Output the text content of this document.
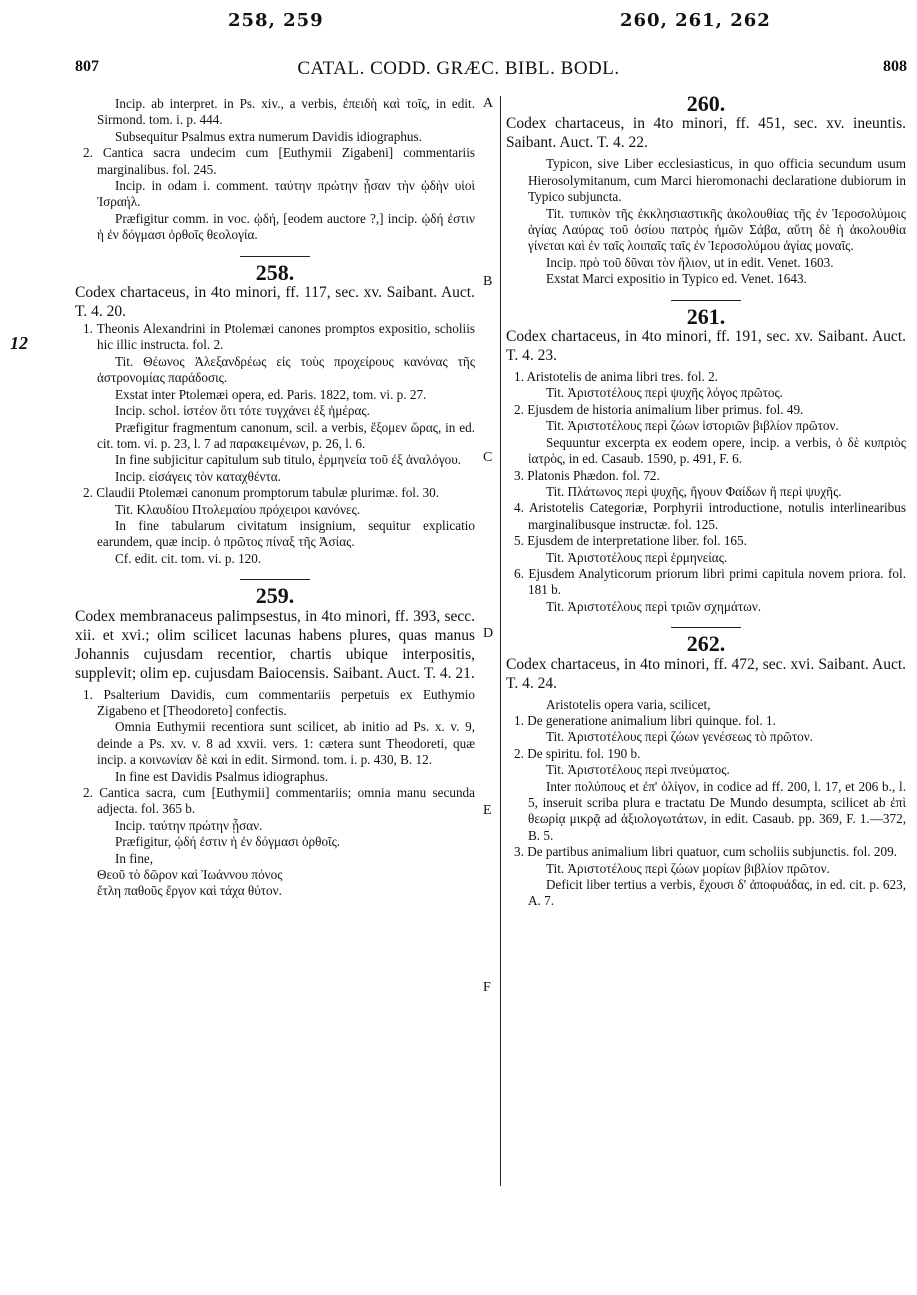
258, 259	260, 261, 262
12
807	CATAL. CODD. GRÆC. BIBL. BODL.	808
A
B
C
D
E
F

Incip. ab interpret. in Ps. xiv., a verbis, ἐπειδὴ καὶ τοῖς, in edit. Sirmond. tom. i. p. 444.

Subsequitur Psalmus extra numerum Davidis idiographus.

2. Cantica sacra undecim cum [Euthymii Zigabeni] commentariis marginalibus. fol. 245.

Incip. in odam i. comment. ταύτην πρώτην ᾖσαν τὴν ᾠδὴν υἱοὶ Ἰσραήλ.

Præfigitur comm. in voc. ᾠδή, [eodem auctore ?,] incip. ᾠδή ἐστιν ἡ ἐν δόγμασι ὀρθοῖς θεολογία.

258.

Codex chartaceus, in 4to minori, ff. 117, sec. xv. Saibant. Auct. T. 4. 20.

1. Theonis Alexandrini in Ptolemæi canones promptos expositio, scholiis hic illic instructa. fol. 2.

Tit. Θέωνος Ἀλεξανδρέως εἰς τοὺς προχείρους κανόνας τῆς ἀστρονομίας παράδοσις.

Exstat inter Ptolemæi opera, ed. Paris. 1822, tom. vi. p. 27.

Incip. schol. ἰστέον ὅτι τότε τυγχάνει ἐξ ἡμέρας.

Præfigitur fragmentum canonum, scil. a verbis, ἕξομεν ὥρας, in ed. cit. tom. vi. p. 23, l. 7 ad παρακειμένων, p. 26, l. 6.

In fine subjicitur capitulum sub titulo, ἑρμηνεία τοῦ ἐξ ἀναλόγου.

Incip. εἰσάγεις τὸν καταχθέντα.

2. Claudii Ptolemæi canonum promptorum tabulæ plurimæ. fol. 30.

Tit. Κλαυδίου Πτολεμαίου πρόχειροι κανόνες.

In fine tabularum civitatum insignium, sequitur explicatio earundem, quæ incip. ὁ πρῶτος πίναξ τῆς Ἀσίας.

Cf. edit. cit. tom. vi. p. 120.

259.

Codex membranaceus palimpsestus, in 4to minori, ff. 393, secc. xii. et xvi.; olim scilicet lacunas habens plures, quas manus Johannis cujusdam recentior, chartis ubique interpositis, supplevit; olim ep. cujusdam Baiocensis. Saibant. Auct. T. 4. 21.

1. Psalterium Davidis, cum commentariis perpetuis ex Euthymio Zigabeno et [Theodoreto] confectis.

Omnia Euthymii recentiora sunt scilicet, ab initio ad Ps. x. v. 9, deinde a Ps. xv. v. 8 ad xxvii. vers. 1: cætera sunt Theodoreti, quæ incip. a κοινωνίαν δὲ καὶ in edit. Sirmond. tom. i. p. 430, B. 12.

In fine est Davidis Psalmus idiographus.

2. Cantica sacra, cum [Euthymii] commentariis; omnia manu secunda adjecta. fol. 365 b.

Incip. ταύτην πρώτην ᾖσαν.

Præfigitur, ᾠδή ἐστιν ἡ ἐν δόγμασι ὀρθοῖς.

In fine,

Θεοῦ τὸ δῶρον καὶ Ἰωάννου πόνος

ἔτλη παθοῦς ἔργον καὶ τάχα θύτον.

260.

Codex chartaceus, in 4to minori, ff. 451, sec. xv. ineuntis. Saibant. Auct. T. 4. 22.

Typicon, sive Liber ecclesiasticus, in quo officia secundum usum Hierosolymitanum, cum Marci hieromonachi declaratione dubiorum in Typico subjuncta.

Tit. τυπικὸν τῆς ἐκκλησιαστικῆς ἀκολουθίας τῆς ἐν Ἱεροσολύμοις ἁγίας Λαύρας τοῦ ὁσίου πατρὸς ἡμῶν Σάβα, αὕτη δὲ ἡ ἀκολουθία γίνεται καὶ ἐν ταῖς λοιπαῖς ταῖς ἐν Ἱεροσολύμου ἁγίας μοναῖς.

Incip. πρὸ τοῦ δῦναι τὸν ἥλιον, ut in edit. Venet. 1603.

Exstat Marci expositio in Typico ed. Venet. 1643.

261.

Codex chartaceus, in 4to minori, ff. 191, sec. xv. Saibant. Auct. T. 4. 23.

1. Aristotelis de anima libri tres. fol. 2.

Tit. Ἀριστοτέλους περὶ ψυχῆς λόγος πρῶτος.

2. Ejusdem de historia animalium liber primus. fol. 49.

Tit. Ἀριστοτέλους περὶ ζώων ἱστοριῶν βιβλίον πρῶτον.

Sequuntur excerpta ex eodem opere, incip. a verbis, ὁ δὲ κυπριὸς ἰατρὸς, in ed. Casaub. 1590, p. 491, F. 6.

3. Platonis Phædon. fol. 72.

Tit. Πλάτωνος περὶ ψυχῆς, ἤγουν Φαίδων ἢ περὶ ψυχῆς.

4. Aristotelis Categoriæ, Porphyrii introductione, notulis interlinearibus marginalibusque instructæ. fol. 125.

5. Ejusdem de interpretatione liber. fol. 165.

Tit. Ἀριστοτέλους περὶ ἑρμηνείας.

6. Ejusdem Analyticorum priorum libri primi capitula novem priora. fol. 181 b.

Tit. Ἀριστοτέλους περὶ τριῶν σχημάτων.

262.

Codex chartaceus, in 4to minori, ff. 472, sec. xvi. Saibant. Auct. T. 4. 24.

Aristotelis opera varia, scilicet,

1. De generatione animalium libri quinque. fol. 1.

Tit. Ἀριστοτέλους περὶ ζώων γενέσεως τὸ πρῶτον.

2. De spiritu. fol. 190 b.

Tit. Ἀριστοτέλους περὶ πνεύματος.

Inter πολύπους et ἐπ' ὀλίγον, in codice ad ff. 200, l. 17, et 206 b., l. 5, inseruit scriba plura e tractatu De Mundo desumpta, scilicet ab ἐπὶ θεωρίᾳ μικρᾷ ad ἀξιολογωτάτων, in edit. Casaub. pp. 369, F. 1.—372, B. 5.

3. De partibus animalium libri quatuor, cum scholiis subjunctis. fol. 209.

Tit. Ἀριστοτέλους περὶ ζώων μορίων βιβλίον πρῶτον.

Deficit liber tertius a verbis, ἔχουσι δ' ἀποφυάδας, in ed. cit. p. 623, A. 7.
